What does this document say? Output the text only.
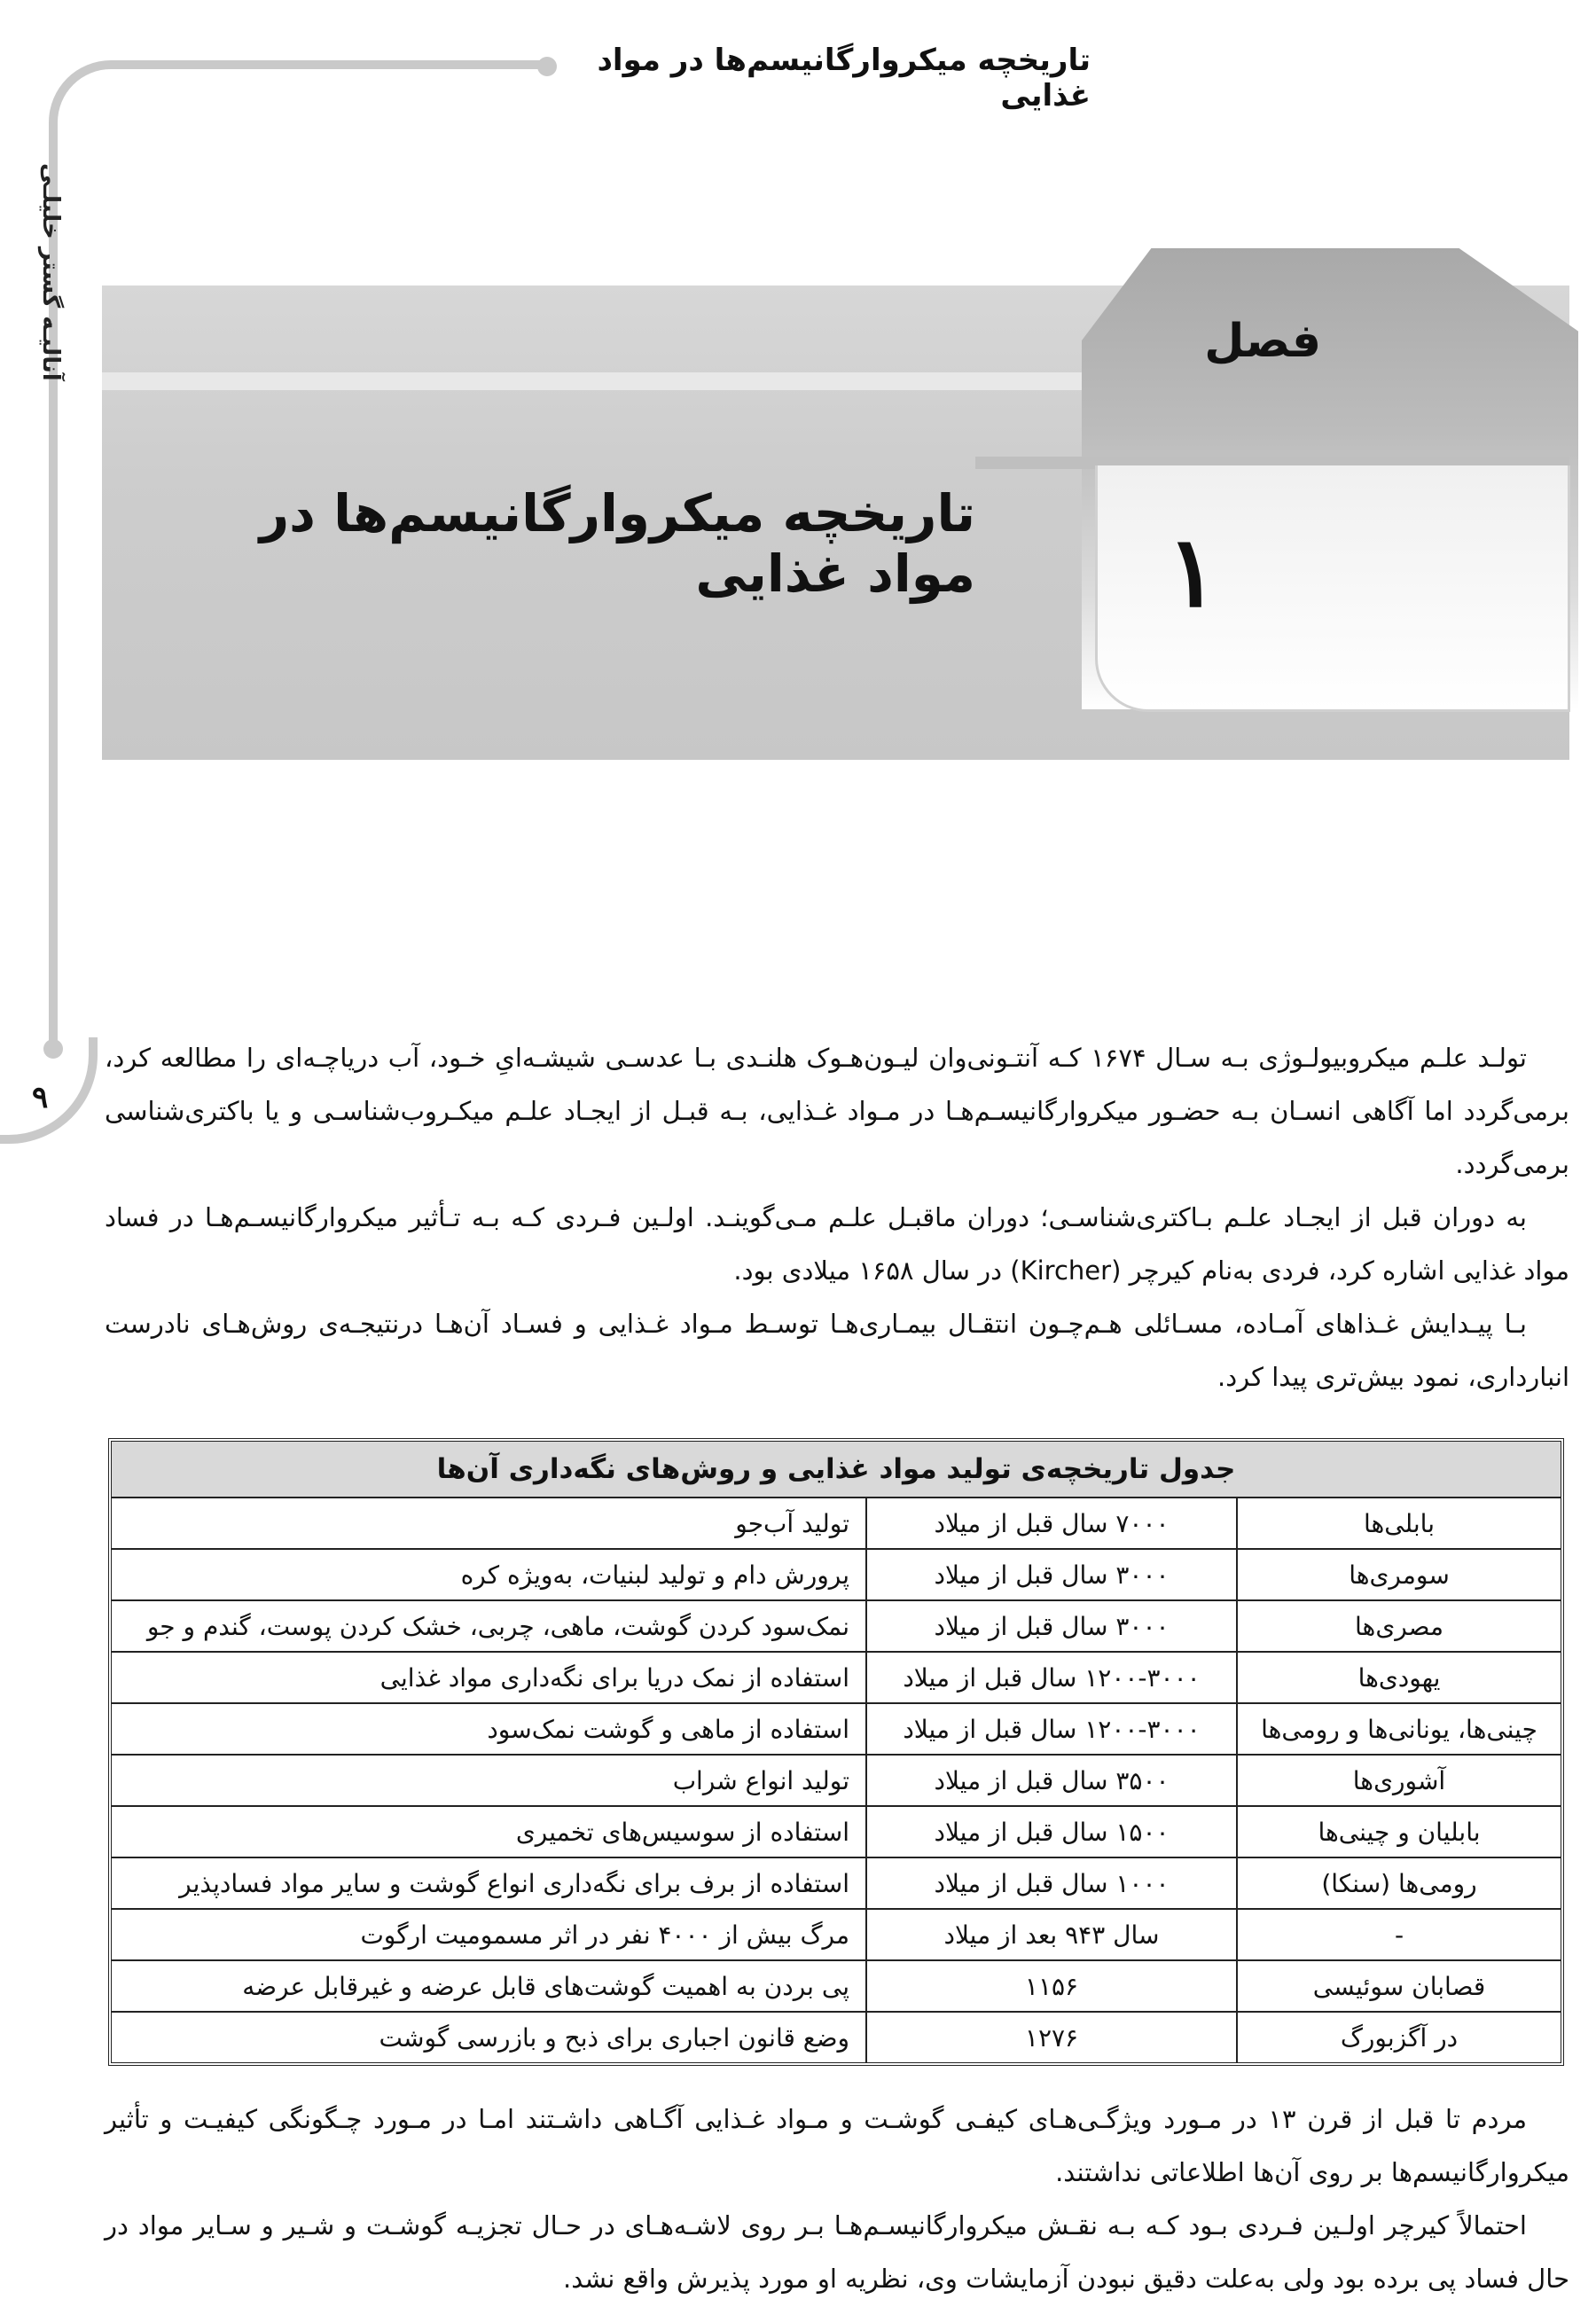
۹
تاریخچه میکروارگانیسم‌ها در مواد غذایی
آنالیـه گستر خلیلـی	فصل
۱
تاریخچه میکروارگانیسم‌ها در مواد غذایی

تولـد علـم میکروبیولـوژی بـه سـال ۱۶۷۴ کـه آنتـونی‌وان لیـون‌هـوک هلنـدی بـا عدسـی شیشـه‌ایِ خـود، آب دریاچـه‌ای را مطالعه کرد، برمی‌گردد اما آگاهی انسـان بـه حضـور میکروارگانیسـم‌هـا در مـواد غـذایی، بـه قبـل از ایجـاد علـم میکـروب‌شناسـی و یا باکتری‌شناسی برمی‌گردد.

به دوران قبل از ایجـاد علـم بـاکتری‌شناسـی؛ دوران ماقبـل علـم مـی‌گوینـد. اولـین فـردی کـه بـه تـأثیر میکروارگانیسـم‌هـا در فساد مواد غذایی اشاره کرد، فردی به‌نام کیرچر (Kircher) در سال ۱۶۵۸ میلادی بود.

بـا پیـدایش غـذاهای آمـاده، مسـائلی هـم‌چـون انتقـال بیمـاری‌هـا توسـط مـواد غـذایی و فسـاد آن‌هـا درنتیجـه‌ی روش‌هـای نادرست انبارداری، نمود بیش‌تری پیدا کرد.

جدول تاریخچه‌ی تولید مواد غذایی و روش‌های نگه‌داری آن‌ها
بابلی‌ها	۷۰۰۰ سال قبل از میلاد	تولید آب‌جو
سومری‌ها	۳۰۰۰ سال قبل از میلاد	پرورش دام و تولید لبنیات، به‌ویژه کره
مصری‌ها	۳۰۰۰ سال قبل از میلاد	نمک‌سود کردن گوشت، ماهی، چربی، خشک کردن پوست، گندم و جو
یهودی‌ها	۱۲۰۰-۳۰۰۰ سال قبل از میلاد	استفاده از نمک دریا برای نگه‌داری مواد غذایی
چینی‌ها، یونانی‌ها و رومی‌ها	۱۲۰۰-۳۰۰۰ سال قبل از میلاد	استفاده از ماهی و گوشت نمک‌سود
آشوری‌ها	۳۵۰۰ سال قبل از میلاد	تولید انواع شراب
بابلیان و چینی‌ها	۱۵۰۰ سال قبل از میلاد	استفاده از سوسیس‌های تخمیری
رومی‌ها (سنکا)	۱۰۰۰ سال قبل از میلاد	استفاده از برف برای نگه‌داری انواع گوشت و سایر مواد فسادپذیر
-	سال ۹۴۳ بعد از میلاد	مرگ بیش از ۴۰۰۰ نفر در اثر مسمومیت ارگوت
قصابان سوئیسی	۱۱۵۶	پی بردن به اهمیت گوشت‌های قابل عرضه و غیرقابل عرضه
در آگزبورگ	۱۲۷۶	وضع قانون اجباری برای ذبح و بازرسی گوشت

مردم تا قبل از قرن ۱۳ در مـورد ویژگـی‌هـای کیفـی گوشـت و مـواد غـذایی آگـاهی داشـتند امـا در مـورد چـگونگی کیفیـت و تأثیر میکروارگانیسم‌ها بر روی آن‌ها اطلاعاتی نداشتند.

احتمالاً کیرچر اولـین فـردی بـود کـه بـه نقـش میکروارگانیسـم‌هـا بـر روی لاشـه‌هـای در حـال تجزیـه گوشـت و شـیر و سـایر مواد در حال فساد پی برده بود ولی به‌علت دقیق نبودن آزمایشات وی، نظریه او مورد پذیرش واقع نشد.
